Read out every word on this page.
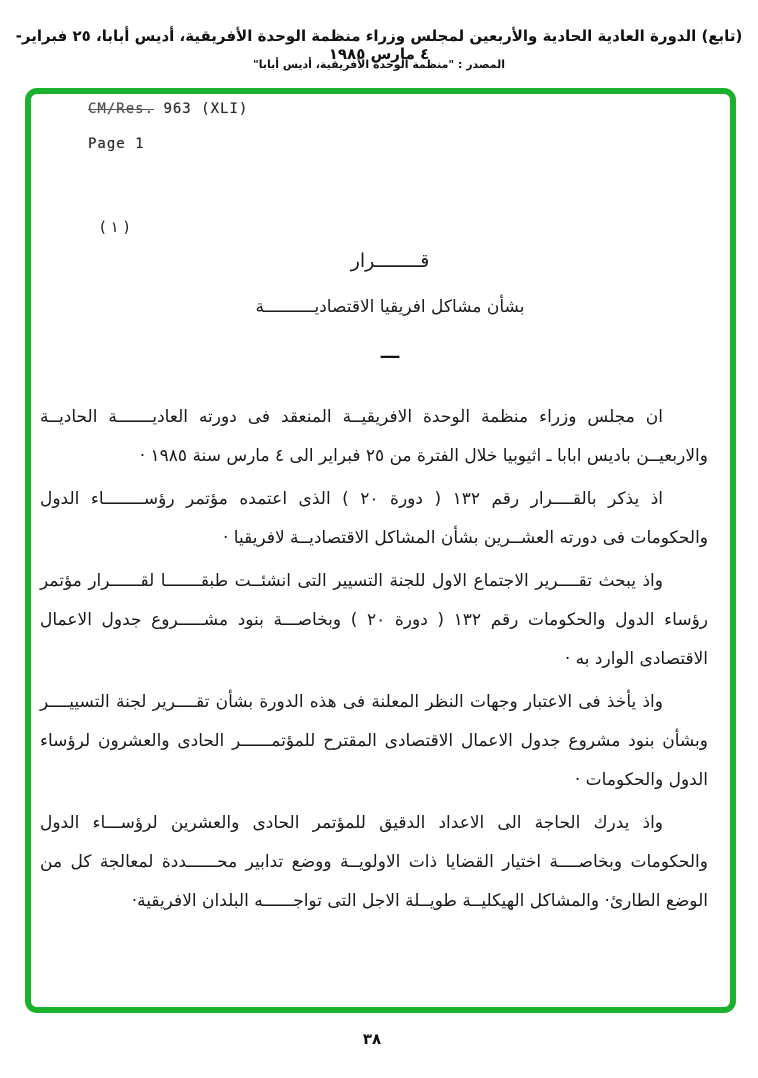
(تابع) الدورة العادية الحادية والأربعين لمجلس وزراء منظمة الوحدة الأفريقية، أديس أبابا، ٢٥ فبراير- ٤ مارس ١٩٨٥
المصدر : "منظمة الوحدة الأفريقية، أديس أبابا"
CM/Res. 963 (XLI)
Page 1
( ١ )
قــــــــرار
بشأن مشاكل افريقيا الاقتصاديــــــــــة
ـــ

ان مجلس وزراء منظمة الوحدة الافريقيــة المنعقد فى دورته العاديـــــــة الحاديــة والاربعيــن باديس ابابا ـ اثيوبيا خلال الفترة من ٢٥ فبراير الى ٤ مارس سنة ١٩٨٥ ·

اذ يذكر بالقــــرار رقم ١٣٢ ( دورة ٢٠ ) الذى اعتمده مؤتمر رؤســــــــاء الدول والحكومات فى دورته العشــرين بشأن المشاكل الاقتصاديــة لافريقيا ·

واذ يبحث تقــــرير الاجتماع الاول للجنة التسيير التى انشئــت طبقـــــــا لقــــــرار مؤتمر رؤساء الدول والحكومات رقم ١٣٢ ( دورة ٢٠ ) وبخاصـــة بنود مشـــــروع جدول الاعمال الاقتصادى الوارد به ·

واذ يأخذ فى الاعتبار وجهات النظر المعلنة فى هذه الدورة بشأن تقــــرير لجنة التسييــــر وبشأن بنود مشروع جدول الاعمال الاقتصادى المقترح للمؤتمــــــر الحادى والعشرون لرؤساء الدول والحكومات ·

واذ يدرك الحاجة الى الاعداد الدقيق للمؤتمر الحادى والعشرين لرؤســـاء الدول والحكومات وبخاصــــة اختيار القضايا ذات الاولويــة ووضع تدابير محــــــددة لمعالجة كل من الوضع الطارئ· والمشاكل الهيكليــة طويــلة الاجل التى تواجــــــه البلدان الافريقية·

٣٨
